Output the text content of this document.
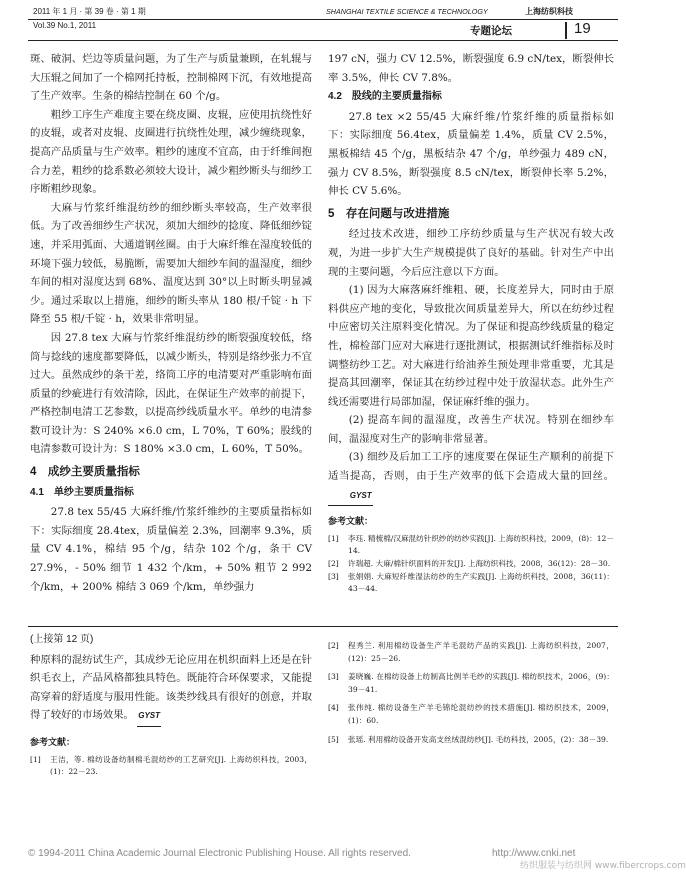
2011 年 1 月 · 第 39 卷 · 第 1 期
Vol.39 No.1, 2011
SHANGHAI TEXTILE SCIENCE & TECHNOLOGY	上海纺织科技
专题论坛	19

斑、破洞、烂边等质量问题，为了生产与质量兼顾，在轧辊与大压辊之间加了一个棉网托持板，控制棉网下沉，有效地提高了生产效率。生条的棉结控制在 60 个/g。

粗纱工序生产难度主要在绕皮圈、皮辊，应使用抗绕性好的皮辊，或者对皮辊、皮圈进行抗绕性处理，减少缠绕现象，提高产品质量与生产效率。粗纱的速度不宜高，由于纤维间抱合力差，粗纱的捻系数必须较大设计，减少粗纱断头与细纱工序断粗纱现象。

大麻与竹浆纤维混纺纱的细纱断头率较高，生产效率很低。为了改善细纱生产状况，须加大细纱的捻度、降低细纱锭速，并采用弧面、大通道钢丝圈。由于大麻纤维在湿度较低的环境下强力较低，易脆断，需要加大细纱车间的温湿度，细纱车间的相对湿度达到 68%、温度达到 30°以上时断头明显减少。通过采取以上措施，细纱的断头率从 180 根/千锭 · h 下降至 55 根/千锭 · h，效果非常明显。

因 27.8 tex 大麻与竹浆纤维混纺纱的断裂强度较低，络筒与捻线的速度都要降低，以减少断头，特别是络纱张力不宜过大。虽然成纱的条干差，络筒工序的电清要对严重影响布面质量的纱疵进行有效清除，因此，在保证生产效率的前提下，严格控制电清工艺参数，以提高纱线质量水平。单纱的电清参数可设计为：S 240% ×6.0 cm，L 70%，T 60%；股线的电清参数可设计为：S 180% ×3.0 cm，L 60%，T 50%。

4　成纱主要质量指标
4.1　单纱主要质量指标

27.8 tex 55/45 大麻纤维/竹浆纤维纱的主要质量指标如下：实际细度 28.4tex，质量偏差 2.3%，回潮率 9.3%，质量 CV 4.1%，棉结 95 个/g，结杂 102 个/g，条干 CV 27.9%，- 50% 细节 1 432 个/km，+ 50% 粗节 2 992 个/km，+ 200% 棉结 3 069 个/km，单纱强力

197 cN，强力 CV 12.5%，断裂强度 6.9 cN/tex，断裂伸长率 3.5%，伸长 CV 7.8%。

4.2　股线的主要质量指标

27.8 tex ×2 55/45 大麻纤维/竹浆纤维的质量指标如下：实际细度 56.4tex，质量偏差 1.4%，质量 CV 2.5%，黑板棉结 45 个/g，黑板结杂 47 个/g，单纱强力 489 cN，强力 CV 8.5%，断裂强度 8.5 cN/tex，断裂伸长率 5.2%，伸长 CV 5.6%。

5　存在问题与改进措施

经过技术改进，细纱工序纺纱质量与生产状况有较大改观，为进一步扩大生产规模提供了良好的基础。针对生产中出现的主要问题，今后应注意以下方面。

(1) 因为大麻落麻纤维粗、硬，长度差异大，同时由于原料供应产地的变化，导致批次间质量差异大，所以在纺纱过程中应密切关注原料变化情况。为了保证和提高纱线质量的稳定性，棉检部门应对大麻进行逐批测试，根据测试纤维指标及时调整纺纱工艺。对大麻进行给油养生预处理非常重要，尤其是提高其回潮率，保证其在纺纱过程中处于放湿状态。此外生产线还需要进行局部加湿，保证麻纤维的强力。

(2) 提高车间的温湿度，改善生产状况。特别在细纱车间，温湿度对生产的影响非常显著。

(3) 细纱及后加工工序的速度要在保证生产顺利的前提下适当提高，否则，由于生产效率的低下会造成大量的回丝。 GYST

参考文献：
[1]	李珏. 精梳棉/汉麻混纺针织纱的纺纱实践[J]. 上海纺织科技，2009，(8)：12－14.
[2]	许瑞超. 大麻/棉针织面料的开发[J]. 上海纺织科技，2008，36(12)：28－30.
[3]	张娟娟. 大麻短纤维湿法纺纱的生产实践[J]. 上海纺织科技，2008，36(11)：43－44.
(上接第 12 页)

种原料的混纺试生产，其成纱无论应用在机织面料上还是在针织毛衣上，产品风格都独具特色。既能符合环保要求，又能提高穿着的舒适度与服用性能。该类纱线具有很好的创意，并取得了较好的市场效果。 GYST

参考文献：
[1]	王洁，等. 棉纺设备纺制棉毛混纺纱的工艺研究[J]. 上海纺织科技，2003，(1)：22－23.
[2]	程秀兰. 利用棉纺设备生产羊毛混纺产品的实践[J]. 上海纺织科技，2007，(12)：25－26.
[3]	姜晓巍. 在棉纺设备上纺制高比例羊毛纱的实践[J]. 棉纺织技术，2006，(9)：39－41.
[4]	张伟纯. 棉纺设备生产羊毛锦纶混纺纱的技术措施[J]. 棉纺织技术，2009，(1)：60.
[5]	张瑶. 利用棉纺设备开发高支丝绒混纺纱[J]. 毛纺科技，2005，(2)：38－39.
© 1994-2011 China Academic Journal Electronic Publishing House. All rights reserved.	http://www.cnki.net
纺织服装与纺织网 www.fibercrops.com
